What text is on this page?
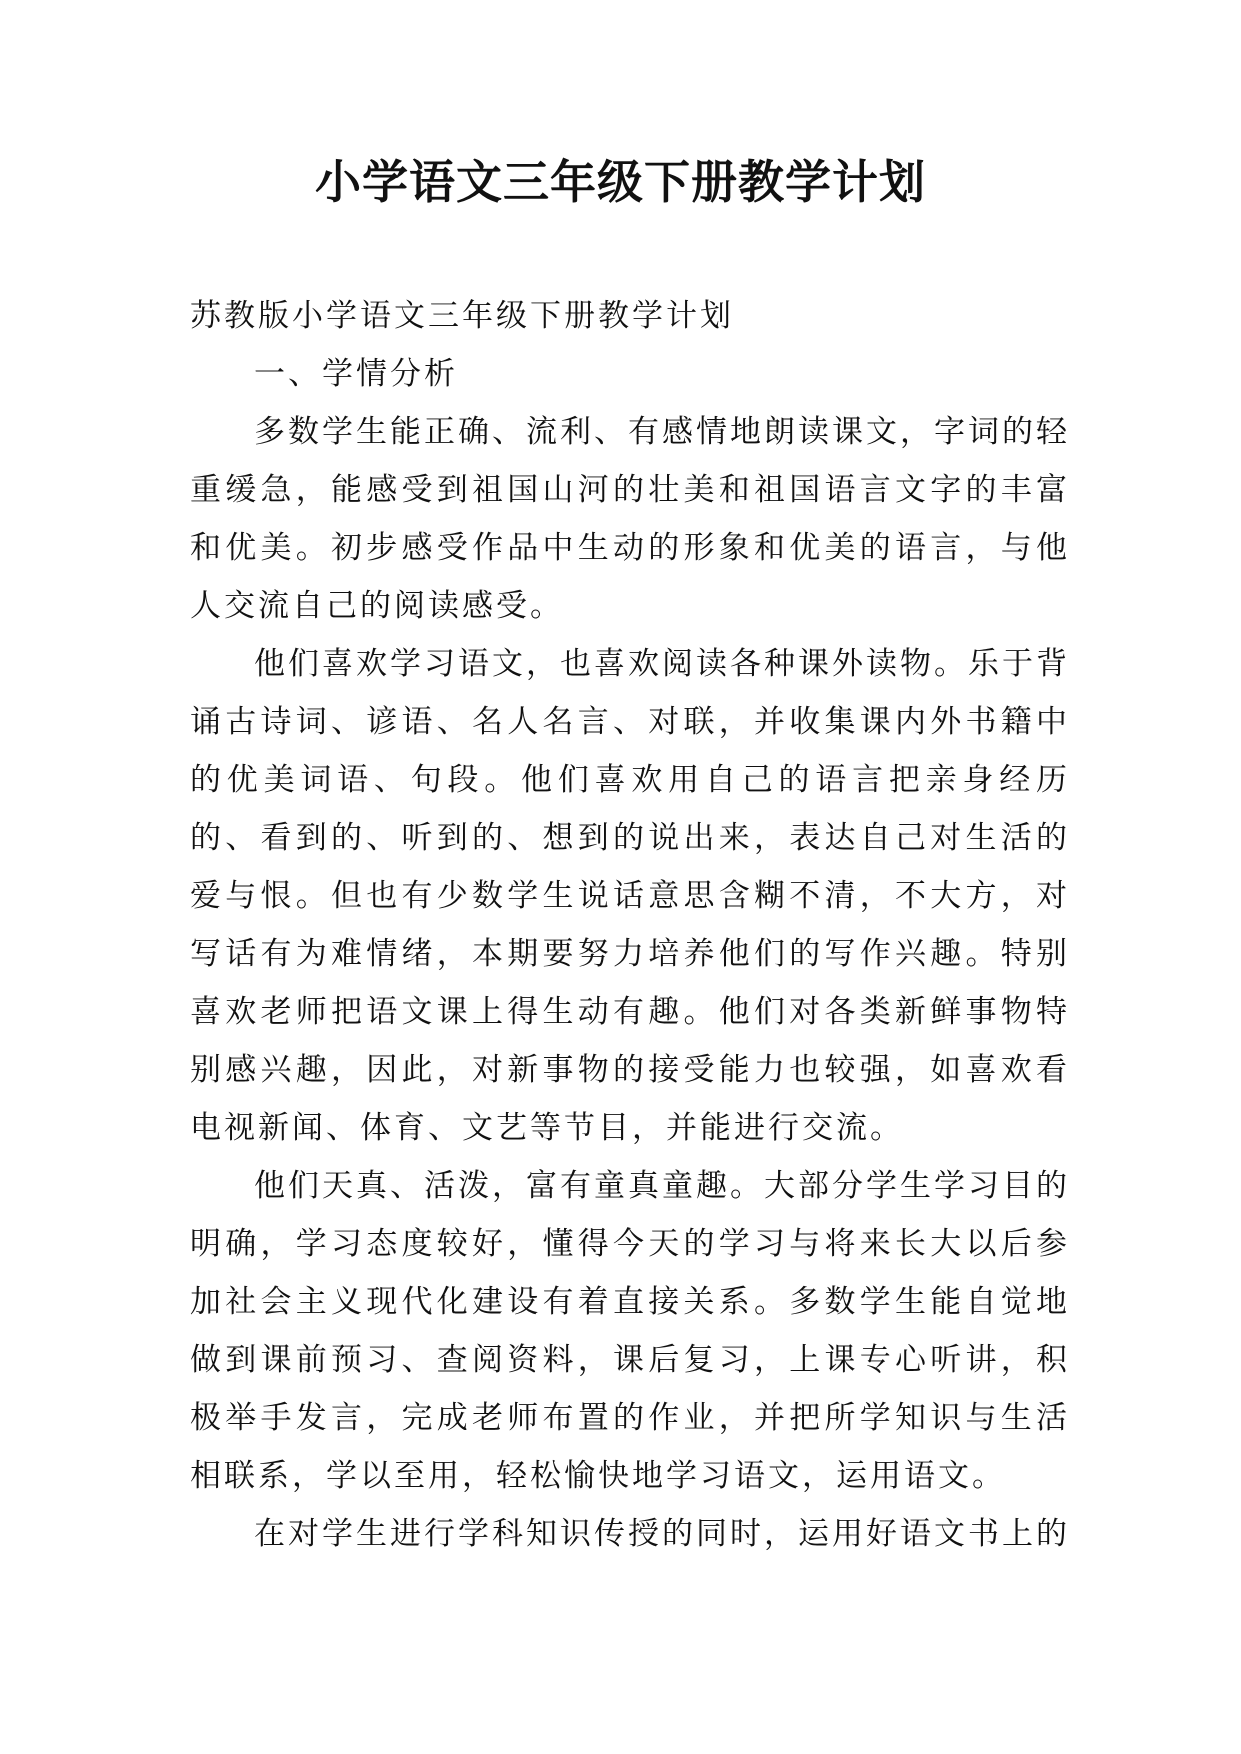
小学语文三年级下册教学计划

苏教版小学语文三年级下册教学计划

一、学情分析

多数学生能正确、流利、有感情地朗读课文，字词的轻重缓急，能感受到祖国山河的壮美和祖国语言文字的丰富和优美。初步感受作品中生动的形象和优美的语言，与他人交流自己的阅读感受。

他们喜欢学习语文，也喜欢阅读各种课外读物。乐于背诵古诗词、谚语、名人名言、对联，并收集课内外书籍中的优美词语、句段。他们喜欢用自己的语言把亲身经历的、看到的、听到的、想到的说出来，表达自己对生活的爱与恨。但也有少数学生说话意思含糊不清，不大方，对写话有为难情绪，本期要努力培养他们的写作兴趣。特别喜欢老师把语文课上得生动有趣。他们对各类新鲜事物特别感兴趣，因此，对新事物的接受能力也较强，如喜欢看电视新闻、体育、文艺等节目，并能进行交流。

他们天真、活泼，富有童真童趣。大部分学生学习目的明确，学习态度较好，懂得今天的学习与将来长大以后参加社会主义现代化建设有着直接关系。多数学生能自觉地做到课前预习、查阅资料，课后复习，上课专心听讲，积极举手发言，完成老师布置的作业，并把所学知识与生活相联系，学以至用，轻松愉快地学习语文，运用语文。

在对学生进行学科知识传授的同时，运用好语文书上的
